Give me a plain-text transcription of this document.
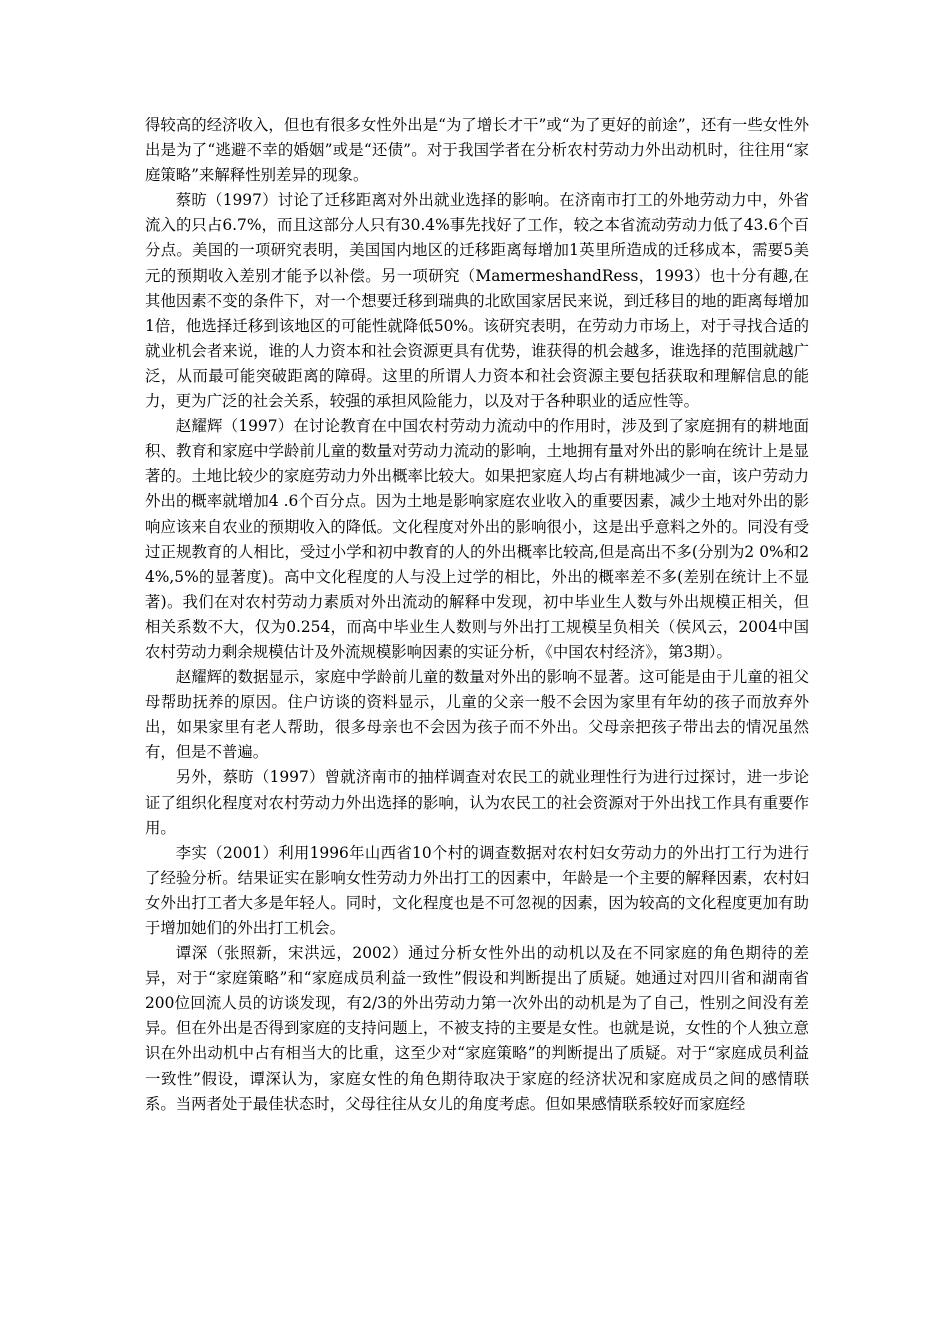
得较高的经济收入，但也有很多女性外出是“为了增长才干”或“为了更好的前途”，还有一些女性外出是为了“逃避不幸的婚姻”或是“还债”。对于我国学者在分析农村劳动力外出动机时，往往用“家庭策略”来解释性别差异的现象。

蔡昉（1997）讨论了迁移距离对外出就业选择的影响。在济南市打工的外地劳动力中，外省流入的只占6.7%，而且这部分人只有30.4%事先找好了工作，较之本省流动劳动力低了43.6个百分点。美国的一项研究表明，美国国内地区的迁移距离每增加1英里所造成的迁移成本，需要5美元的预期收入差别才能予以补偿。另一项研究（MamermeshandRess，1993）也十分有趣,在其他因素不变的条件下，对一个想要迁移到瑞典的北欧国家居民来说，到迁移目的地的距离每增加1倍，他选择迁移到该地区的可能性就降低50%。该研究表明，在劳动力市场上，对于寻找合适的就业机会者来说，谁的人力资本和社会资源更具有优势，谁获得的机会越多，谁选择的范围就越广泛，从而最可能突破距离的障碍。这里的所谓人力资本和社会资源主要包括获取和理解信息的能力，更为广泛的社会关系，较强的承担风险能力，以及对于各种职业的适应性等。

赵耀辉（1997）在讨论教育在中国农村劳动力流动中的作用时，涉及到了家庭拥有的耕地面积、教育和家庭中学龄前儿童的数量对劳动力流动的影响，土地拥有量对外出的影响在统计上是显著的。土地比较少的家庭劳动力外出概率比较大。如果把家庭人均占有耕地减少一亩，该户劳动力外出的概率就增加4 .6个百分点。因为土地是影响家庭农业收入的重要因素，减少土地对外出的影响应该来自农业的预期收入的降低。文化程度对外出的影响很小，这是出乎意料之外的。同没有受过正规教育的人相比，受过小学和初中教育的人的外出概率比较高,但是高出不多(分别为2 0%和2 4%,5%的显著度)。高中文化程度的人与没上过学的相比，外出的概率差不多(差别在统计上不显著)。我们在对农村劳动力素质对外出流动的解释中发现，初中毕业生人数与外出规模正相关，但相关系数不大，仅为0.254，而高中毕业生人数则与外出打工规模呈负相关（侯风云，2004中国农村劳动力剩余规模估计及外流规模影响因素的实证分析，《中国农村经济》，第3期）。

赵耀辉的数据显示，家庭中学龄前儿童的数量对外出的影响不显著。这可能是由于儿童的祖父母帮助抚养的原因。住户访谈的资料显示，儿童的父亲一般不会因为家里有年幼的孩子而放弃外出，如果家里有老人帮助，很多母亲也不会因为孩子而不外出。父母亲把孩子带出去的情况虽然有，但是不普遍。

另外，蔡昉（1997）曾就济南市的抽样调查对农民工的就业理性行为进行过探讨，进一步论证了组织化程度对农村劳动力外出选择的影响，认为农民工的社会资源对于外出找工作具有重要作用。

李实（2001）利用1996年山西省10个村的调查数据对农村妇女劳动力的外出打工行为进行了经验分析。结果证实在影响女性劳动力外出打工的因素中，年龄是一个主要的解释因素，农村妇女外出打工者大多是年轻人。同时，文化程度也是不可忽视的因素，因为较高的文化程度更加有助于增加她们的外出打工机会。

谭深（张照新，宋洪远，2002）通过分析女性外出的动机以及在不同家庭的角色期待的差异，对于“家庭策略”和“家庭成员利益一致性”假设和判断提出了质疑。她通过对四川省和湖南省200位回流人员的访谈发现，有2/3的外出劳动力第一次外出的动机是为了自己，性别之间没有差异。但在外出是否得到家庭的支持问题上，不被支持的主要是女性。也就是说，女性的个人独立意识在外出动机中占有相当大的比重，这至少对“家庭策略”的判断提出了质疑。对于“家庭成员利益一致性”假设，谭深认为，家庭女性的角色期待取决于家庭的经济状况和家庭成员之间的感情联系。当两者处于最佳状态时，父母往往从女儿的角度考虑。但如果感情联系较好而家庭经
